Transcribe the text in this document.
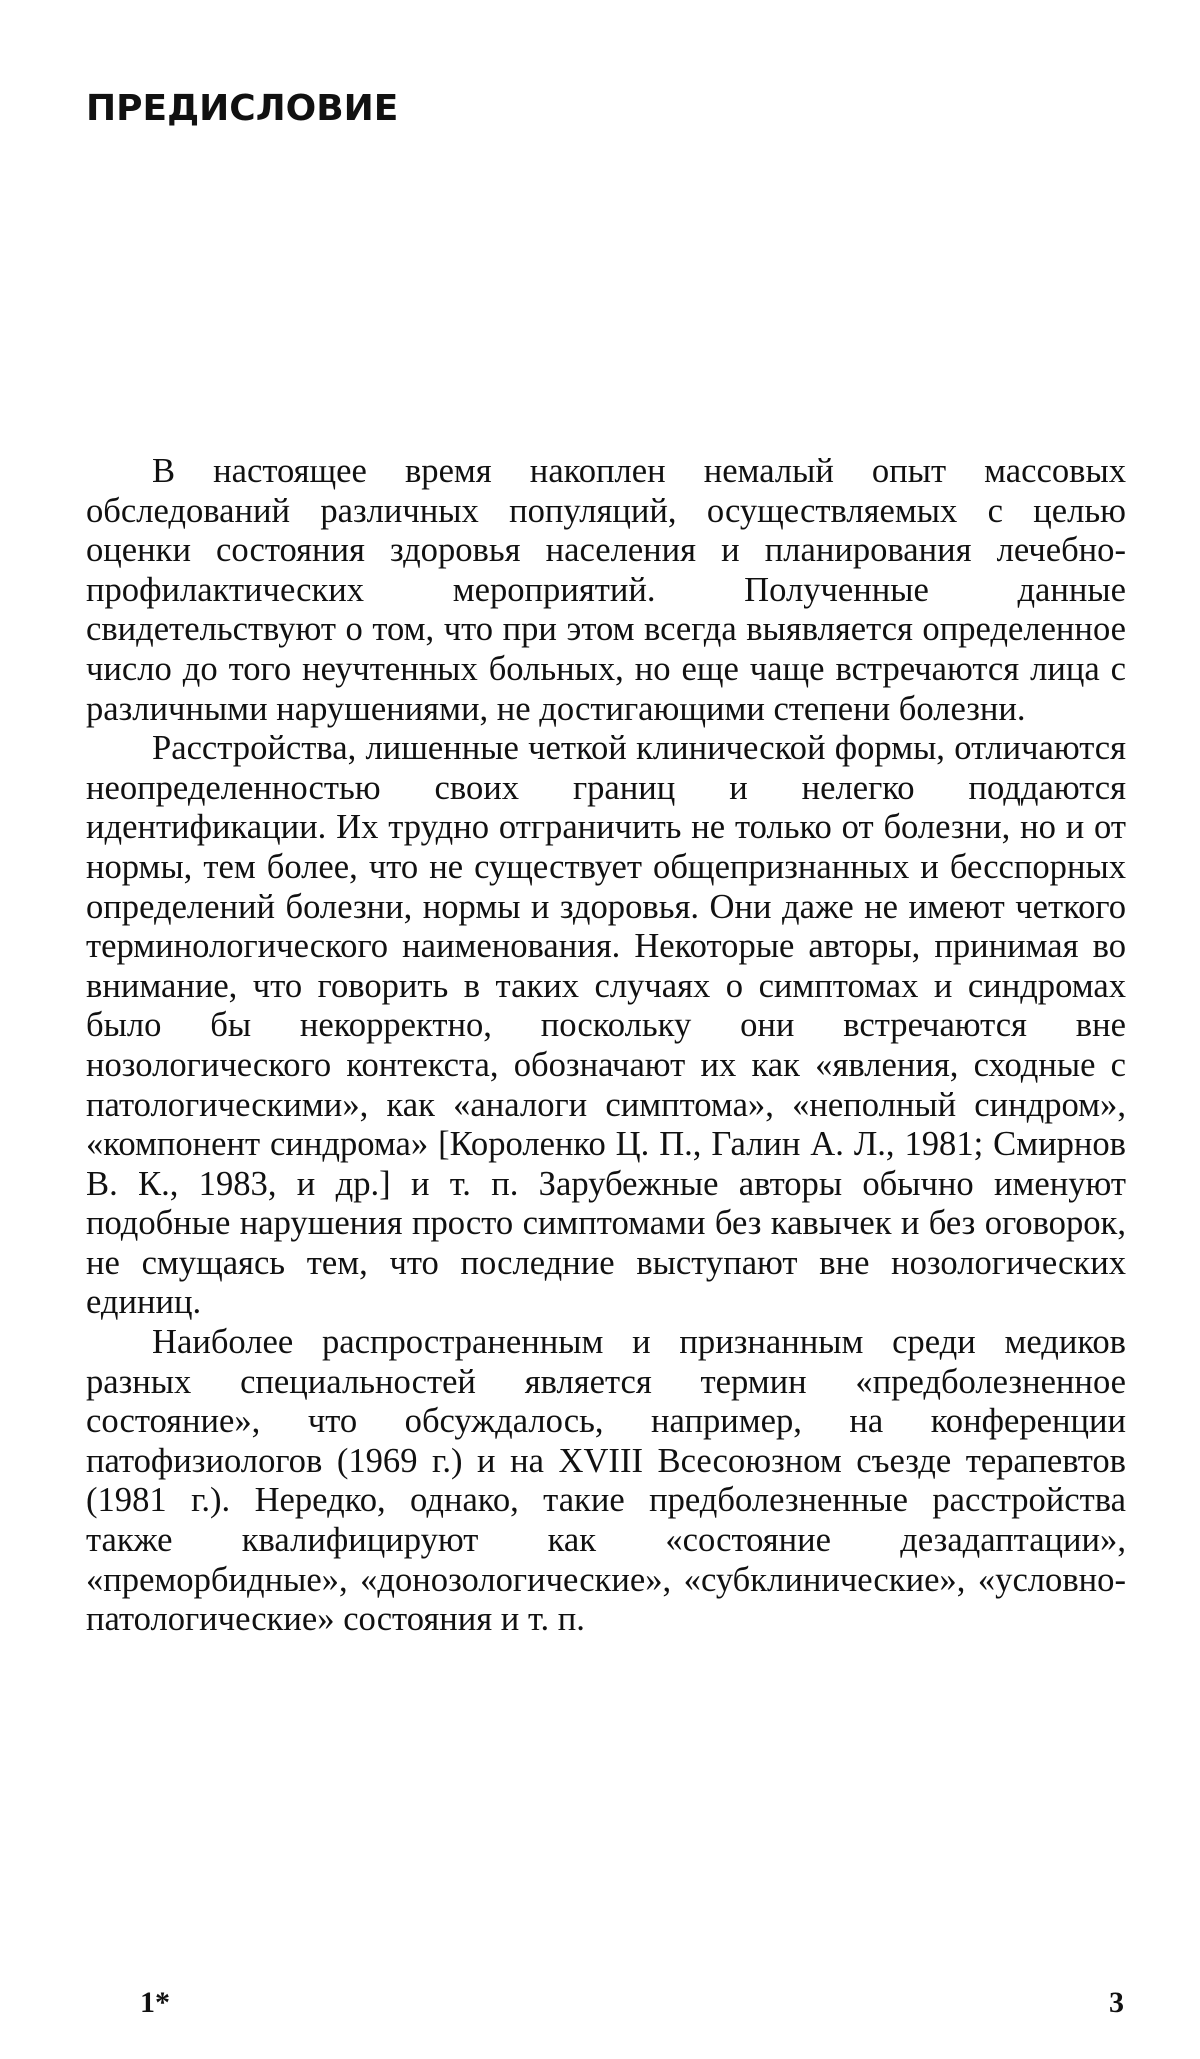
ПРЕДИСЛОВИЕ

В настоящее время накоплен немалый опыт массовых обследований различных популяций, осуществляемых с целью оценки состояния здоровья населения и планирования лечебно-профилактических мероприятий. Полученные данные свидетельствуют о том, что при этом всегда выявляется определенное число до того неучтенных больных, но еще чаще встречаются лица с различными нарушениями, не достигающими степени болезни.

Расстройства, лишенные четкой клинической формы, отличаются неопределенностью своих границ и нелегко поддаются идентификации. Их трудно отграничить не только от болезни, но и от нормы, тем более, что не существует общепризнанных и бесспорных определений болезни, нормы и здоровья. Они даже не имеют четкого терминологического наименования. Некоторые авторы, принимая во внимание, что говорить в таких случаях о симптомах и синдромах было бы некорректно, поскольку они встречаются вне нозологического контекста, обозначают их как «явления, сходные с патологическими», как «аналоги симптома», «неполный синдром», «компонент синдрома» [Короленко Ц. П., Галин А. Л., 1981; Смирнов В. К., 1983, и др.] и т. п. Зарубежные авторы обычно именуют подобные нарушения просто симптомами без кавычек и без оговорок, не смущаясь тем, что последние выступают вне нозологических единиц.

Наиболее распространенным и признанным среди медиков разных специальностей является термин «предболезненное состояние», что обсуждалось, например, на конференции патофизиологов (1969 г.) и на XVIII Всесоюзном съезде терапевтов (1981 г.). Нередко, однако, такие предболезненные расстройства также квалифицируют как «состояние дезадаптации», «преморбидные», «донозологические», «субклинические», «условно-патологические» состояния и т. п.

1*	3
